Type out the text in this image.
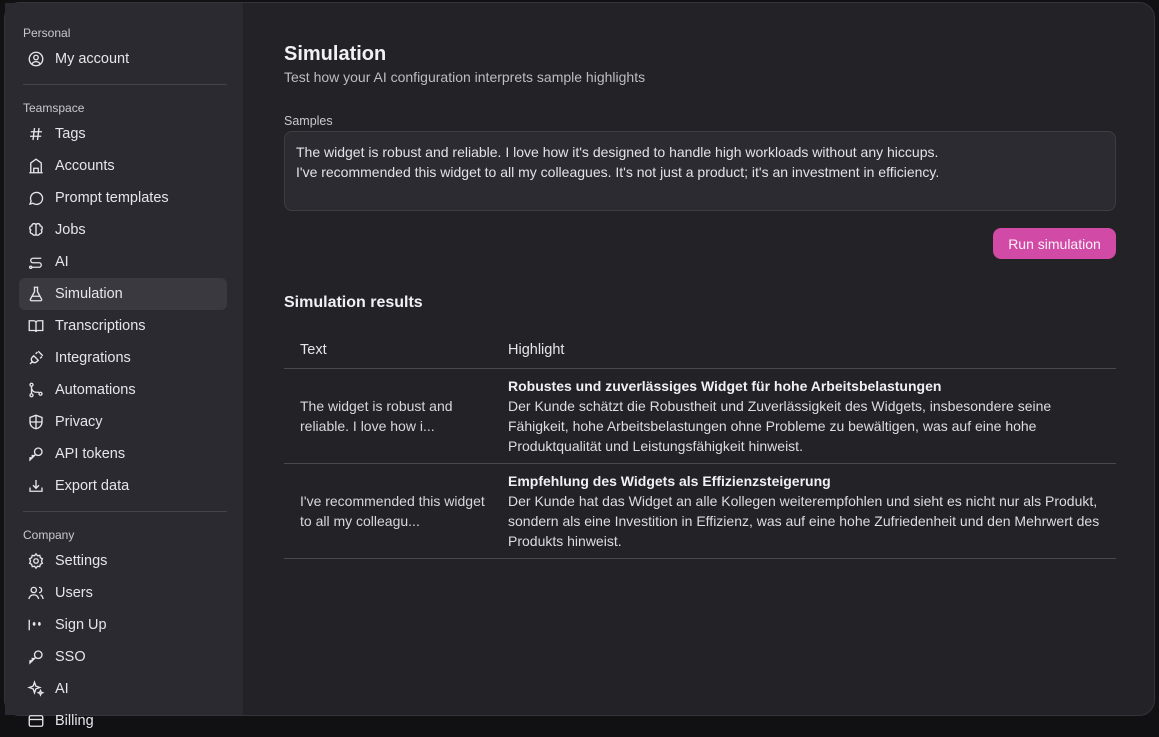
Personal
My account
Teamspace
Tags
Accounts
Prompt templates
Jobs
AI
Simulation
Transcriptions
Integrations
Automations
Privacy
API tokens
Export data
Company
Settings
Users
Sign Up
SSO
AI
Billing
Simulation
Test how your AI configuration interprets sample highlights
Samples
The widget is robust and reliable. I love how it's designed to handle high workloads without any hiccups. I've recommended this widget to all my colleagues. It's not just a product; it's an investment in efficiency.
Run simulation
Simulation results
Text	Highlight
The widget is robust and reliable. I love how i...	Robustes und zuverlässiges Widget für hohe Arbeitsbelastungen
Der Kunde schätzt die Robustheit und Zuverlässigkeit des Widgets, insbesondere seine Fähigkeit, hohe Arbeitsbelastungen ohne Probleme zu bewältigen, was auf eine hohe Produktqualität und Leistungsfähigkeit hinweist.

I've recommended this widget to all my colleagu...	Empfehlung des Widgets als Effizienzsteigerung
Der Kunde hat das Widget an alle Kollegen weiterempfohlen und sieht es nicht nur als Produkt, sondern als eine Investition in Effizienz, was auf eine hohe Zufriedenheit und den Mehrwert des Produkts hinweist.
